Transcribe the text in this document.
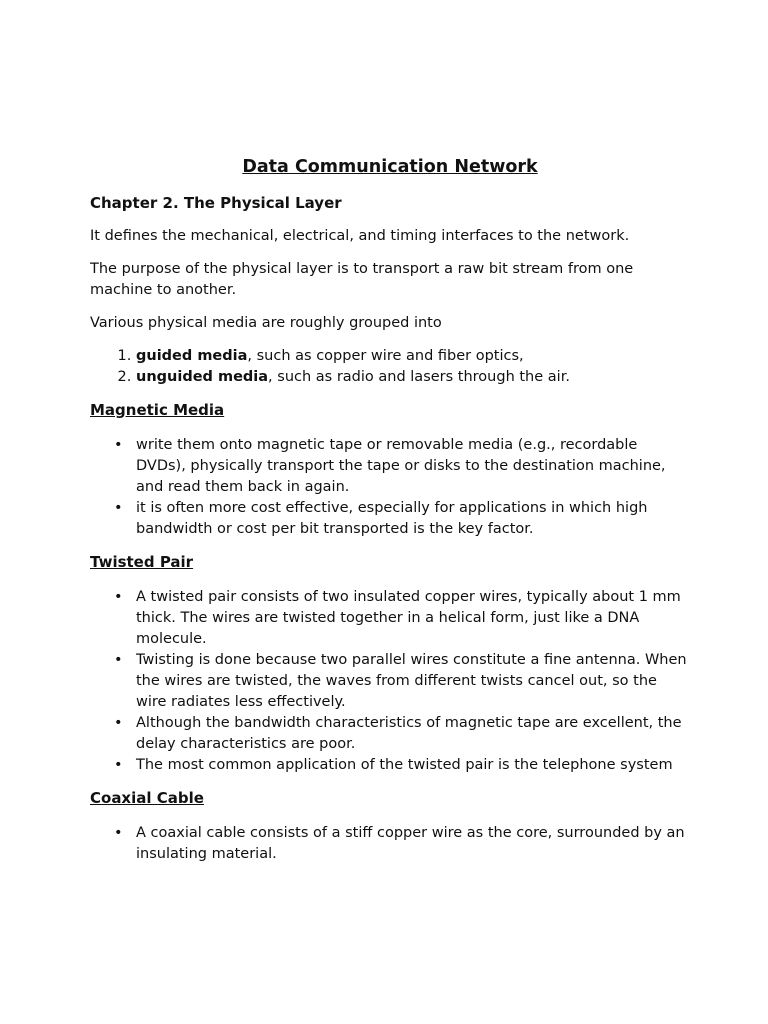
Data Communication Network
Chapter 2. The Physical Layer

It defines the mechanical, electrical, and timing interfaces to the network.

The purpose of the physical layer is to transport a raw bit stream from one machine to another.

Various physical media are roughly grouped into

1. guided media, such as copper wire and fiber optics,
2. unguided media, such as radio and lasers through the air.
Magnetic Media
• write them onto magnetic tape or removable media (e.g., recordable DVDs), physically transport the tape or disks to the destination machine, and read them back in again.
• it is often more cost effective, especially for applications in which high bandwidth or cost per bit transported is the key factor.
Twisted Pair
• A twisted pair consists of two insulated copper wires, typically about 1 mm thick. The wires are twisted together in a helical form, just like a DNA molecule.
• Twisting is done because two parallel wires constitute a fine antenna. When the wires are twisted, the waves from different twists cancel out, so the wire radiates less effectively.
• Although the bandwidth characteristics of magnetic tape are excellent, the delay characteristics are poor.
• The most common application of the twisted pair is the telephone system
Coaxial Cable
• A coaxial cable consists of a stiff copper wire as the core, surrounded by an insulating material.
